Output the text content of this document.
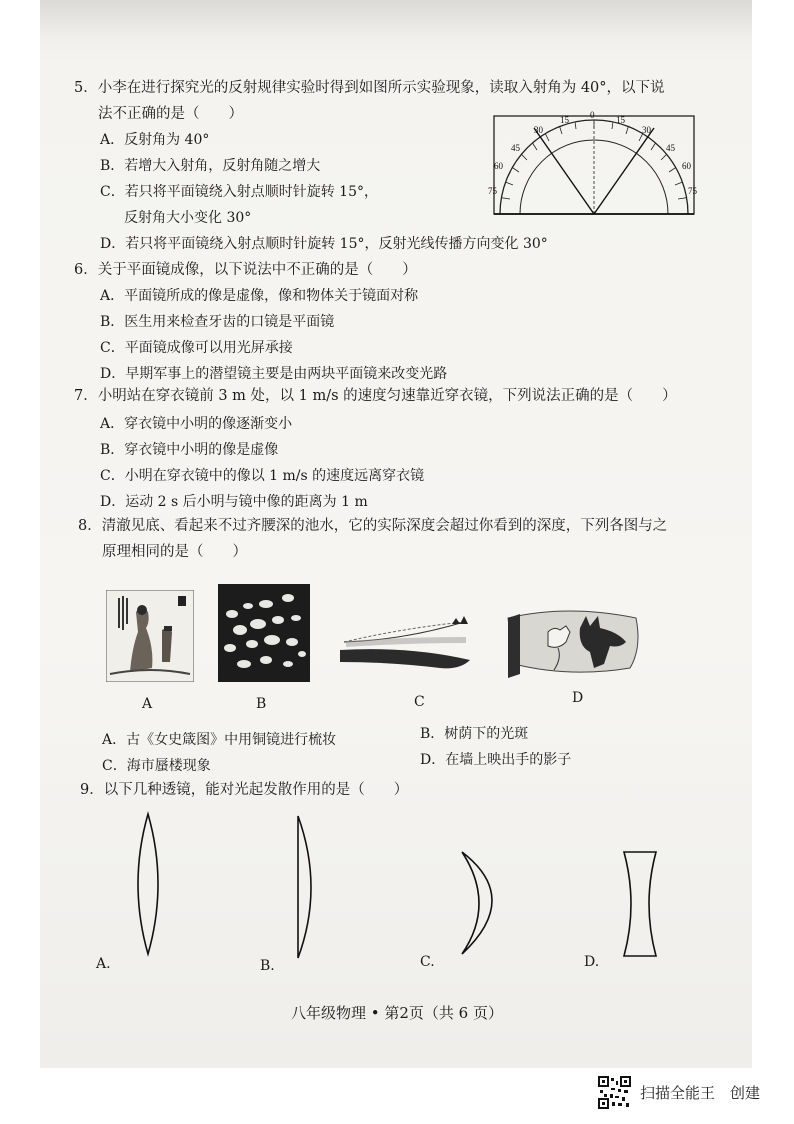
5．小李在进行探究光的反射规律实验时得到如图所示实验现象，读取入射角为 40°，以下说
法不正确的是（　　）
A．反射角为 40°
B．若增大入射角，反射角随之增大
C．若只将平面镜绕入射点顺时针旋转 15°，
反射角大小变化 30°
D．若只将平面镜绕入射点顺时针旋转 15°，反射光线传播方向变化 30°
75
60
45
30
15 0 15
30
45
60
75
6．关于平面镜成像，以下说法中不正确的是（　　）
A．平面镜所成的像是虚像，像和物体关于镜面对称
B．医生用来检查牙齿的口镜是平面镜
C．平面镜成像可以用光屏承接
D．早期军事上的潜望镜主要是由两块平面镜来改变光路
7．小明站在穿衣镜前 3 m 处，以 1 m/s 的速度匀速靠近穿衣镜，下列说法正确的是（　　）
A．穿衣镜中小明的像逐渐变小
B．穿衣镜中小明的像是虚像
C．小明在穿衣镜中的像以 1 m/s 的速度远离穿衣镜
D．运动 2 s 后小明与镜中像的距离为 1 m
8．清澈见底、看起来不过齐腰深的池水，它的实际深度会超过你看到的深度，下列各图与之
原理相同的是（　　）
A	B	C	D
A．古《女史箴图》中用铜镜进行梳妆	B．树荫下的光斑
C．海市蜃楼现象	D．在墙上映出手的影子
9．以下几种透镜，能对光起发散作用的是（　　）
A.	B.	C.	D.
八年级物理 • 第2页（共 6 页）
扫描全能王　创建
